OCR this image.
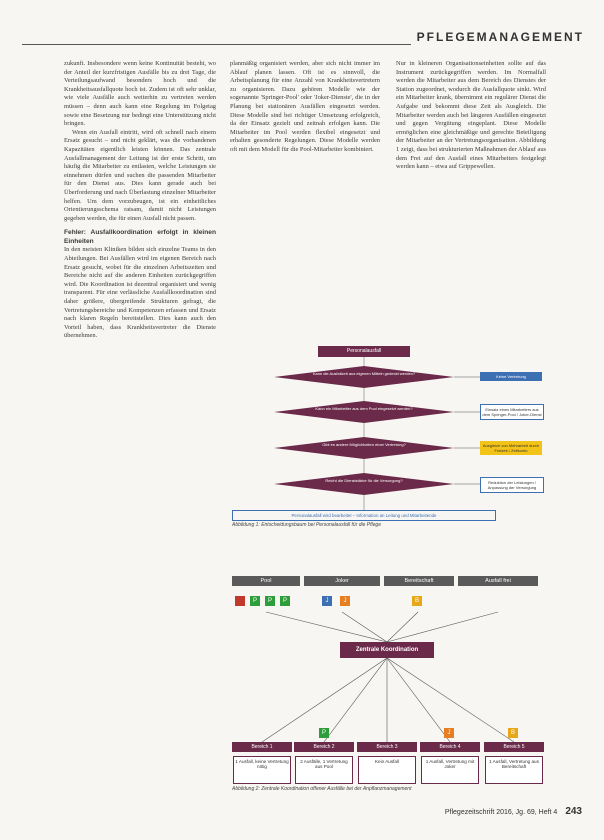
PFLEGEMANAGEMENT

zukunft. Insbesondere wenn keine Kontinuität besteht, wo der Anteil der kurzfristigen Ausfälle bis zu drei Tage, die Verteilungsaufwand besonders hoch und die Krankheitsausfallquote hoch ist. Zudem ist oft sehr unklar, wie viele Ausfälle auch weiterhin zu vertreten werden müssen – denn auch kann eine Regelung im Folgetag sowie eine Besetzung nur bedingt eine Unterstützung nicht bringen.

Wenn ein Ausfall eintritt, wird oft schnell nach einem Ersatz gesucht – und nicht geklärt, was die vorhandenen Kapazitäten eigentlich leisten können. Das zentrale Ausfallmanagement der Leitung ist der erste Schritt, um häufig die Mitarbeiter zu entlasten, welche Leistungen sie einnehmen dürfen und suchen die passenden Mitarbeiter für den Dienst aus. Dies kann gerade auch bei Überforderung und nach Überlastung einzelner Mitarbeiter helfen. Um dem vorzubeugen, ist ein einheitliches Orientierungsschema ratsam, damit nicht Leistungen gegeben werden, die für einen Ausfall nicht passen.

Fehler: Ausfallkoordination erfolgt in kleinen Einheiten

In den meisten Kliniken bilden sich einzelne Teams in den Abteilungen. Bei Ausfällen wird im eigenen Bereich nach Ersatz gesucht, wobei für die einzelnen Arbeitszeiten und Bereiche nicht auf die anderen Einheiten zurückgegriffen wird. Die Koordination ist dezentral organisiert und wenig transparent. Für eine verlässliche Ausfallkoordination sind daher größere, übergreifende Strukturen gefragt, die Vertretungsbereiche und Kompetenzen erfassen und Ersatz nach klaren Regeln bereitstellen. Dies kann auch den Vorteil haben, dass Krankheitsvertreter die Dienste übernehmen.

planmäßig organisiert werden, aber sich nicht immer im Ablauf planen lassen. Oft ist es sinnvoll, die Arbeitsplanung für eine Anzahl von Krankheitsvertretern zu organisieren. Dazu gehören Modelle wie der sogenannte 'Springer-Pool' oder 'Joker-Dienste', die in der Planung bei stationären Ausfällen eingesetzt werden. Diese Modelle sind bei richtiger Umsetzung erfolgreich, da der Einsatz gezielt und zeitnah erfolgen kann. Die Mitarbeiter im Pool werden flexibel eingesetzt und erhalten gesonderte Regelungen. Diese Modelle werden oft mit dem Modell für die Pool-Mitarbeiter kombiniert.

Nur in kleineren Organisationseinheiten sollte auf das Instrument zurückgegriffen werden. Im Normalfall werden die Mitarbeiter aus dem Bereich des Dienstes der Station zugeordnet, wodurch die Ausfallquote sinkt. Wird ein Mitarbeiter krank, übernimmt ein regulärer Dienst die Aufgabe und bekommt diese Zeit als Ausgleich. Die Mitarbeiter werden auch bei längeren Ausfällen eingesetzt und gegen Vergütung eingeplant. Diese Modelle ermöglichen eine gleichmäßige und gerechte Beteiligung der Mitarbeiter an der Vertretungsorganisation. Abbildung 1 zeigt, dass bei strukturierten Maßnahmen der Ablauf aus dem Frei auf den Ausfall eines Mitarbeiters festgelegt werden kann – etwa auf Grippewellen.

Personalausfall
Kann die Ausfallzeit aus eigenen Mitteln gedeckt werden?
Kann ein Mitarbeiter aus dem Pool eingesetzt werden?
Gibt es andere Möglichkeiten einer Vertretung?
Reicht die Dienststärke für die Versorgung?
Keine Vertretung
Einsatz eines Mitarbeiters aus dem Springer-Pool / Joker-Dienst
Ausgleich von Mehrarbeit durch Freizeit / Zeitkonto
Reduktion der Leistungen / Anpassung der Versorgung
Personalausfall wird bearbeitet – Information an Leitung und Mitarbeitende
Abbildung 1: Entscheidungsbaum bei Personalausfall für die Pflege
Pool	Joker	Bereitschaft	Ausfall frei
P	P	P	J	J	B
Zentrale Koordination
P	J	B
Bereich 1	Bereich 2	Bereich 3	Bereich 4	Bereich 5
1 Ausfall, keine Vertretung nötig
2 Ausfälle, 1 Vertretung aus Pool
Kein Ausfall	1 Ausfall, Vertretung mit Joker
1 Ausfall, Vertretung aus Bereitschaft
Abbildung 2: Zentrale Koordination offener Ausfälle bei der Anpflanzmanagement
Pflegezeitschrift 2016, Jg. 69, Heft 4 243
